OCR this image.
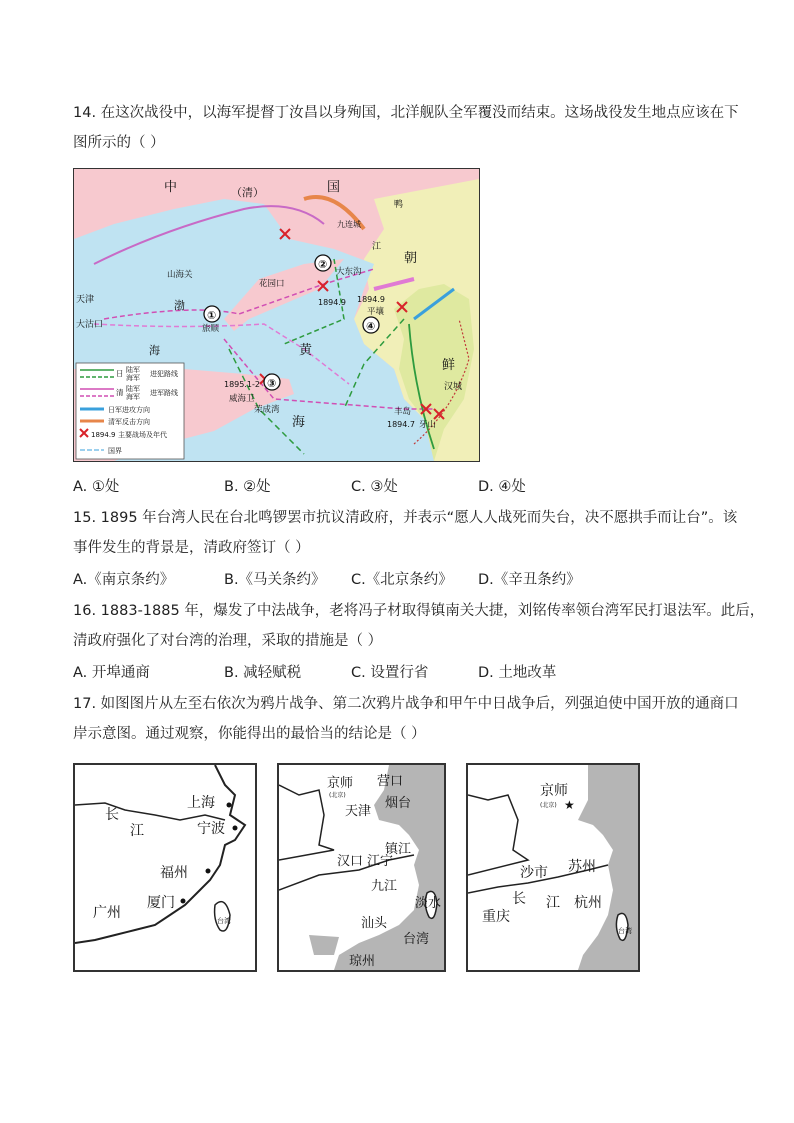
14. 在这次战役中，以海军提督丁汝昌以身殉国，北洋舰队全军覆没而结束。这场战役发生地点应该在下
图所示的（ ）
①
②
③
④
中	（清）	国
朝
鲜
山海关
天津
大沽口	旅顺
渤
海	黄
海
花园口
九连城
大东沟
平壤
汉城
丰岛
牙山
威海卫
荣成湾
鸭
江
1894.9 1894.9
1895.1-2
1894.7
日 陆军
海军 进犯路线
清 陆军
海军 进军路线
日军进攻方向
清军反击方向
1894.9 主要战场及年代
国界
A. ①处	B. ②处	C. ③处	D. ④处
15. 1895 年台湾人民在台北鸣锣罢市抗议清政府，并表示“愿人人战死而失台，决不愿拱手而让台”。该
事件发生的背景是，清政府签订（ ）
A.《南京条约》	B.《马关条约》 C.《北京条约》 D.《辛丑条约》
16. 1883-1885 年，爆发了中法战争，老将冯子材取得镇南关大捷，刘铭传率领台湾军民打退法军。此后，
清政府强化了对台湾的治理，采取的措施是（ ）
A. 开埠通商	B. 减轻赋税	C. 设置行省	D. 土地改革
17. 如图图片从左至右依次为鸦片战争、第二次鸦片战争和甲午中日战争后，列强迫使中国开放的通商口
岸示意图。通过观察，你能得出的最恰当的结论是（ ）
上海
宁波
长
江
福州
厦门
广州	台湾
京师
(北京)
营口
天津
烟台
镇江
汉口 江宁
九江
淡水
汕头
台湾
琼州
京师
(北京) ★
苏州
沙市
长 江 杭州
重庆
台湾
